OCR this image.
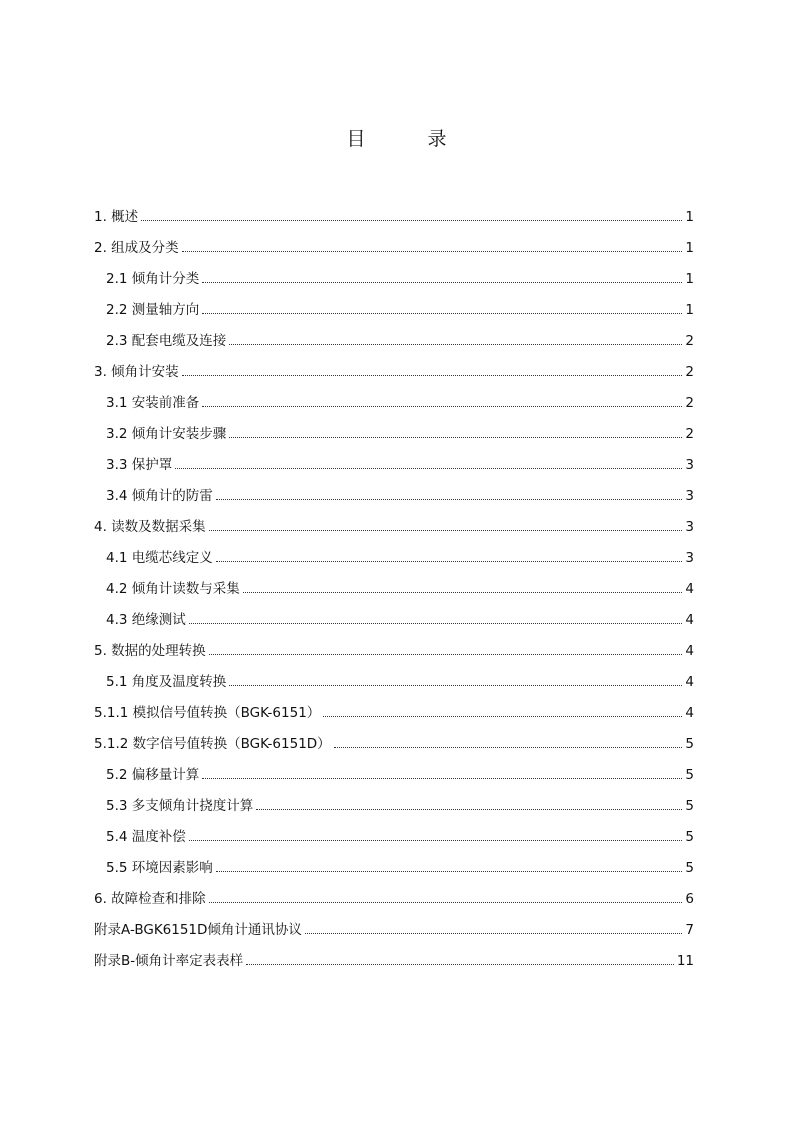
目 录
1. 概述	1
2. 组成及分类	1
2.1 倾角计分类	1
2.2 测量轴方向	1
2.3 配套电缆及连接	2
3. 倾角计安装	2
3.1 安装前准备	2
3.2 倾角计安装步骤	2
3.3 保护罩	3
3.4 倾角计的防雷	3
4. 读数及数据采集	3
4.1 电缆芯线定义	3
4.2 倾角计读数与采集	4
4.3 绝缘测试	4
5. 数据的处理转换	4
5.1 角度及温度转换	4
5.1.1 模拟信号值转换（BGK-6151）	4
5.1.2 数字信号值转换（BGK-6151D）	5
5.2 偏移量计算	5
5.3 多支倾角计挠度计算	5
5.4 温度补偿	5
5.5 环境因素影响	5
6. 故障检查和排除	6
附录A-BGK6151D倾角计通讯协议	7
附录B-倾角计率定表表样	11
